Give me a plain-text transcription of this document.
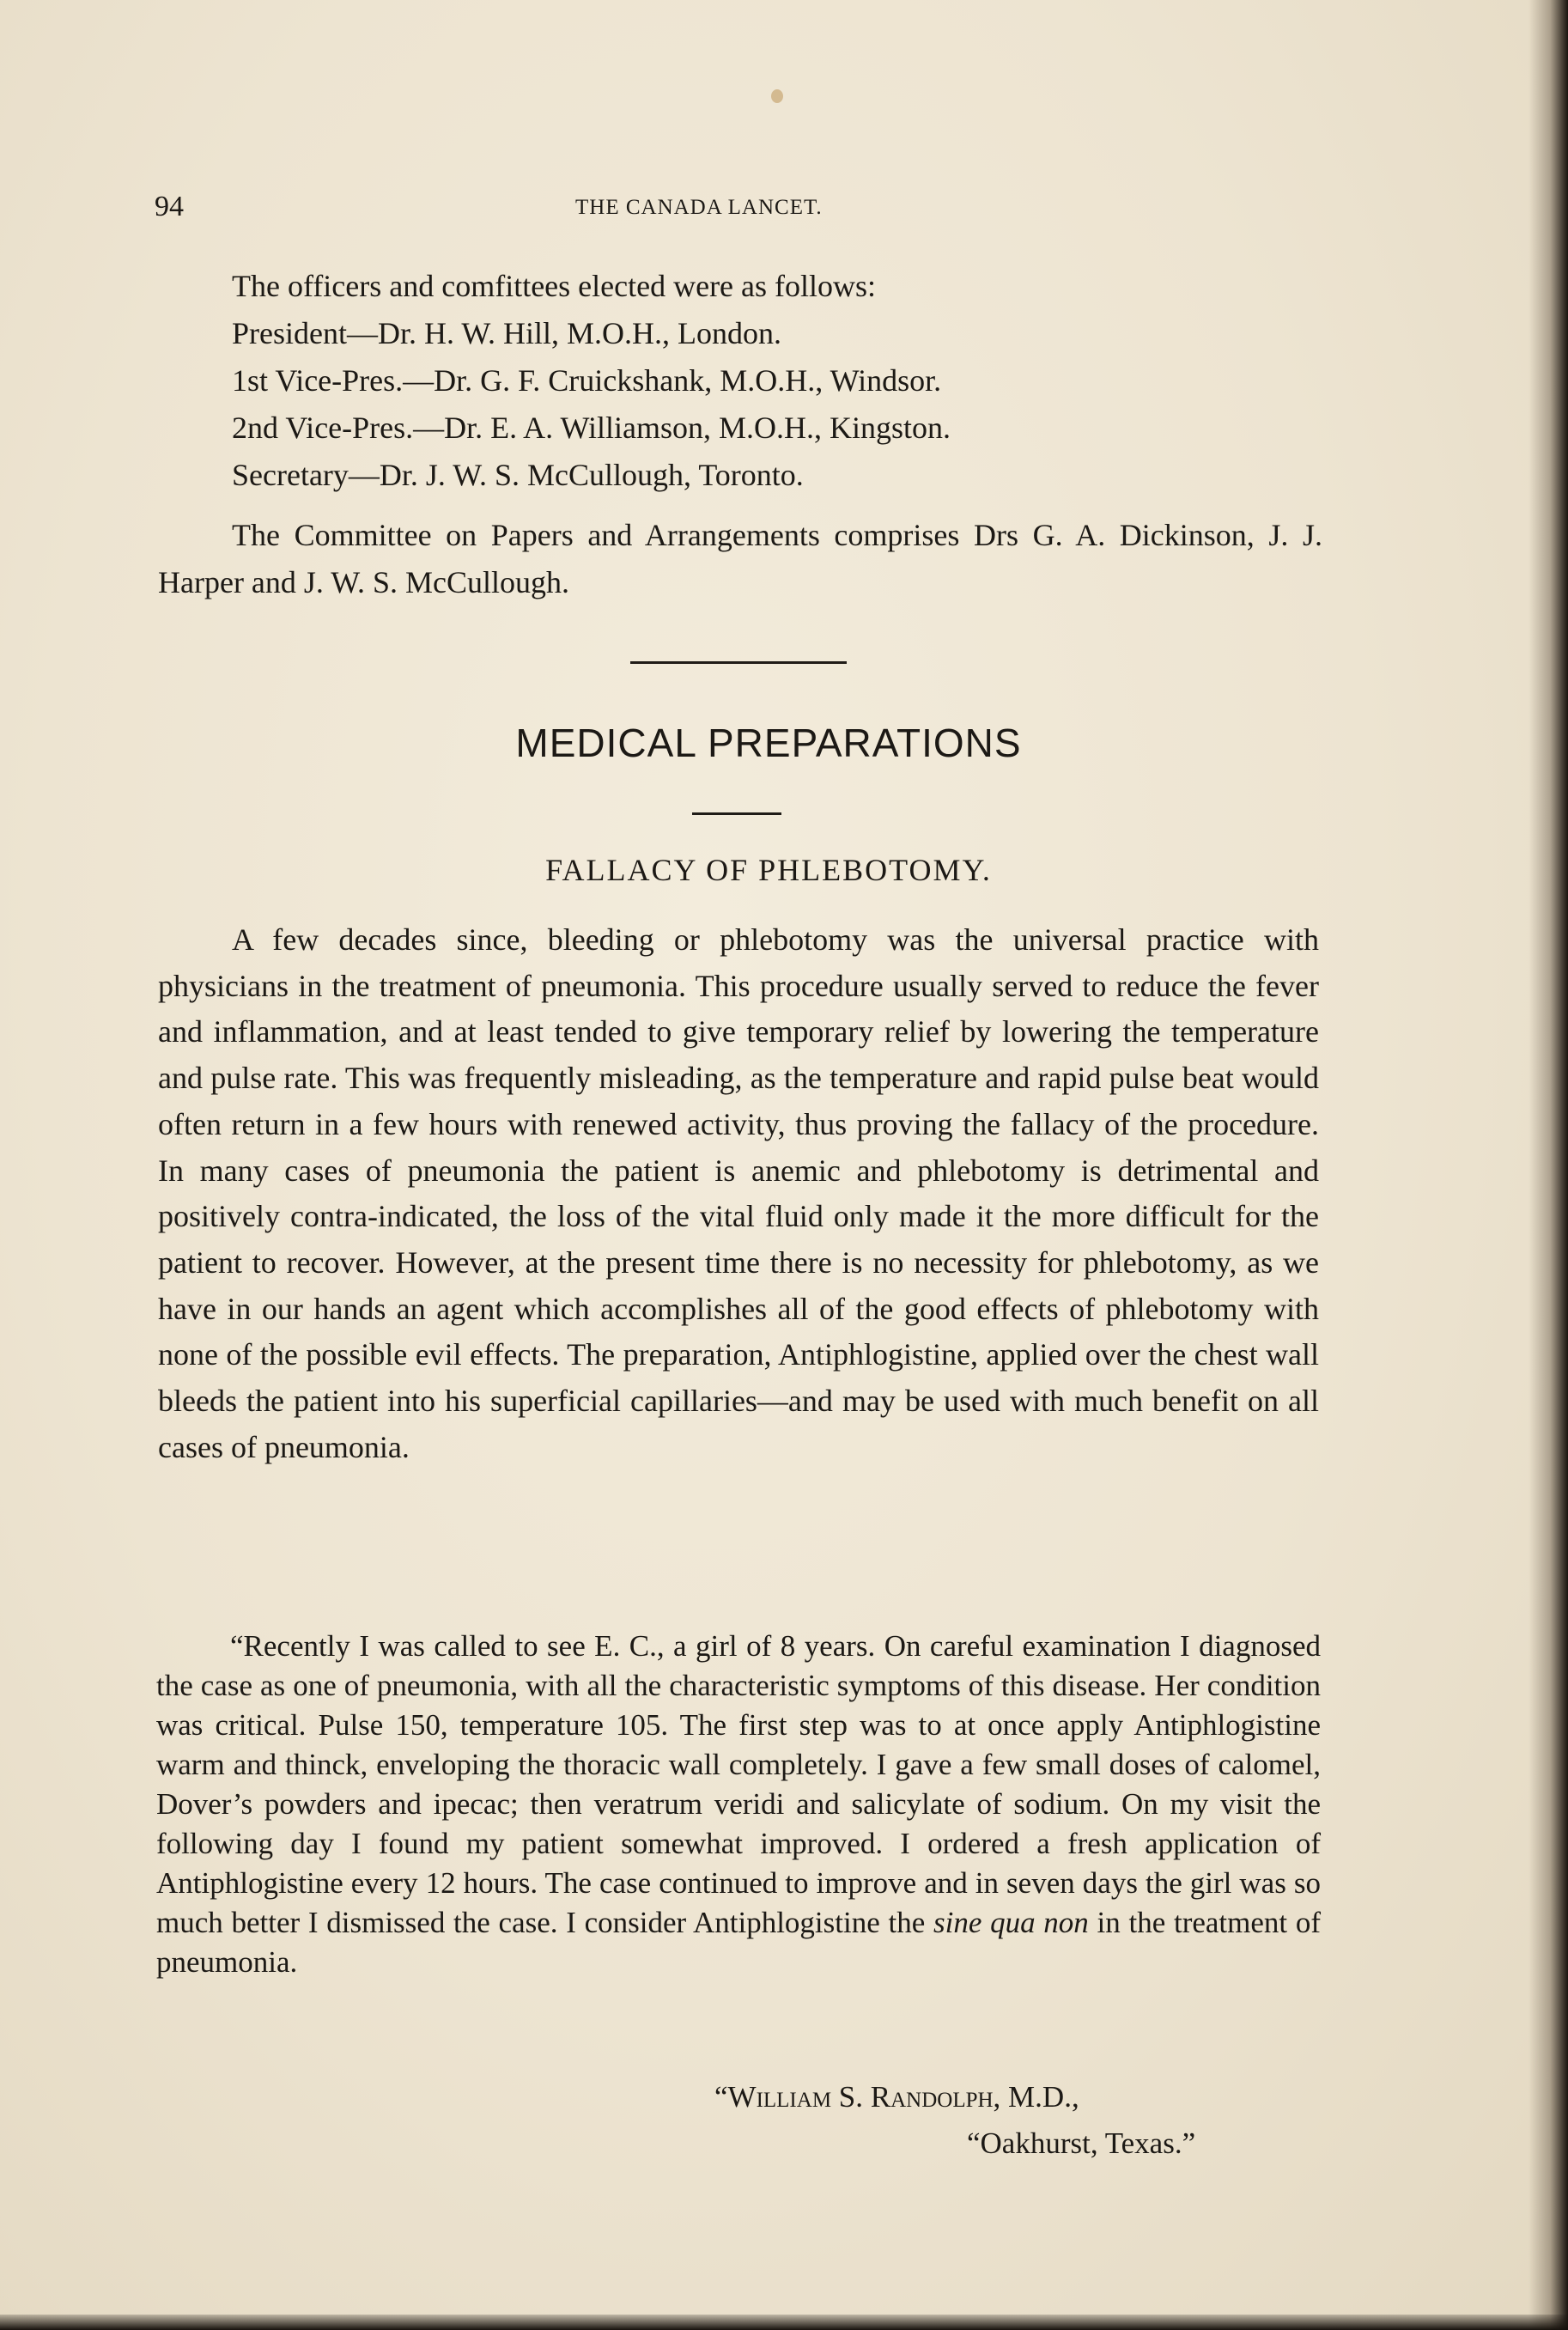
94	THE CANADA LANCET.
The officers and comfittees elected were as follows:
President—Dr. H. W. Hill, M.O.H., London.
1st Vice-Pres.—Dr. G. F. Cruickshank, M.O.H., Windsor.
2nd Vice-Pres.—Dr. E. A. Williamson, M.O.H., Kingston.
Secretary—Dr. J. W. S. McCullough, Toronto.
The Committee on Papers and Arrangements comprises Drs G. A. Dickinson, J. J. Harper and J. W. S. McCullough.
MEDICAL PREPARATIONS
FALLACY OF PHLEBOTOMY.
A few decades since, bleeding or phlebotomy was the universal practice with physicians in the treatment of pneumonia. This procedure usually served to reduce the fever and inflammation, and at least tended to give temporary relief by lowering the temperature and pulse rate. This was frequently misleading, as the temperature and rapid pulse beat would often return in a few hours with renewed activity, thus proving the fallacy of the procedure. In many cases of pneumonia the patient is anemic and phlebotomy is detrimental and positively contra-indicated, the loss of the vital fluid only made it the more difficult for the patient to recover. However, at the present time there is no necessity for phlebotomy, as we have in our hands an agent which accomplishes all of the good effects of phlebotomy with none of the possible evil effects. The preparation, Antiphlogistine, applied over the chest wall bleeds the patient into his superficial capillaries—and may be used with much benefit on all cases of pneumonia.
“Recently I was called to see E. C., a girl of 8 years. On careful examination I diagnosed the case as one of pneumonia, with all the characteristic symptoms of this disease. Her condition was critical. Pulse 150, temperature 105. The first step was to at once apply Antiphlogistine warm and thinck, enveloping the thoracic wall completely. I gave a few small doses of calomel, Dover’s powders and ipecac; then veratrum veridi and salicylate of sodium. On my visit the following day I found my patient somewhat improved. I ordered a fresh application of Antiphlogistine every 12 hours. The case continued to improve and in seven days the girl was so much better I dismissed the case. I consider Antiphlogistine the sine qua non in the treatment of pneumonia.
“William S. Randolph, M.D.,
“Oakhurst, Texas.”
